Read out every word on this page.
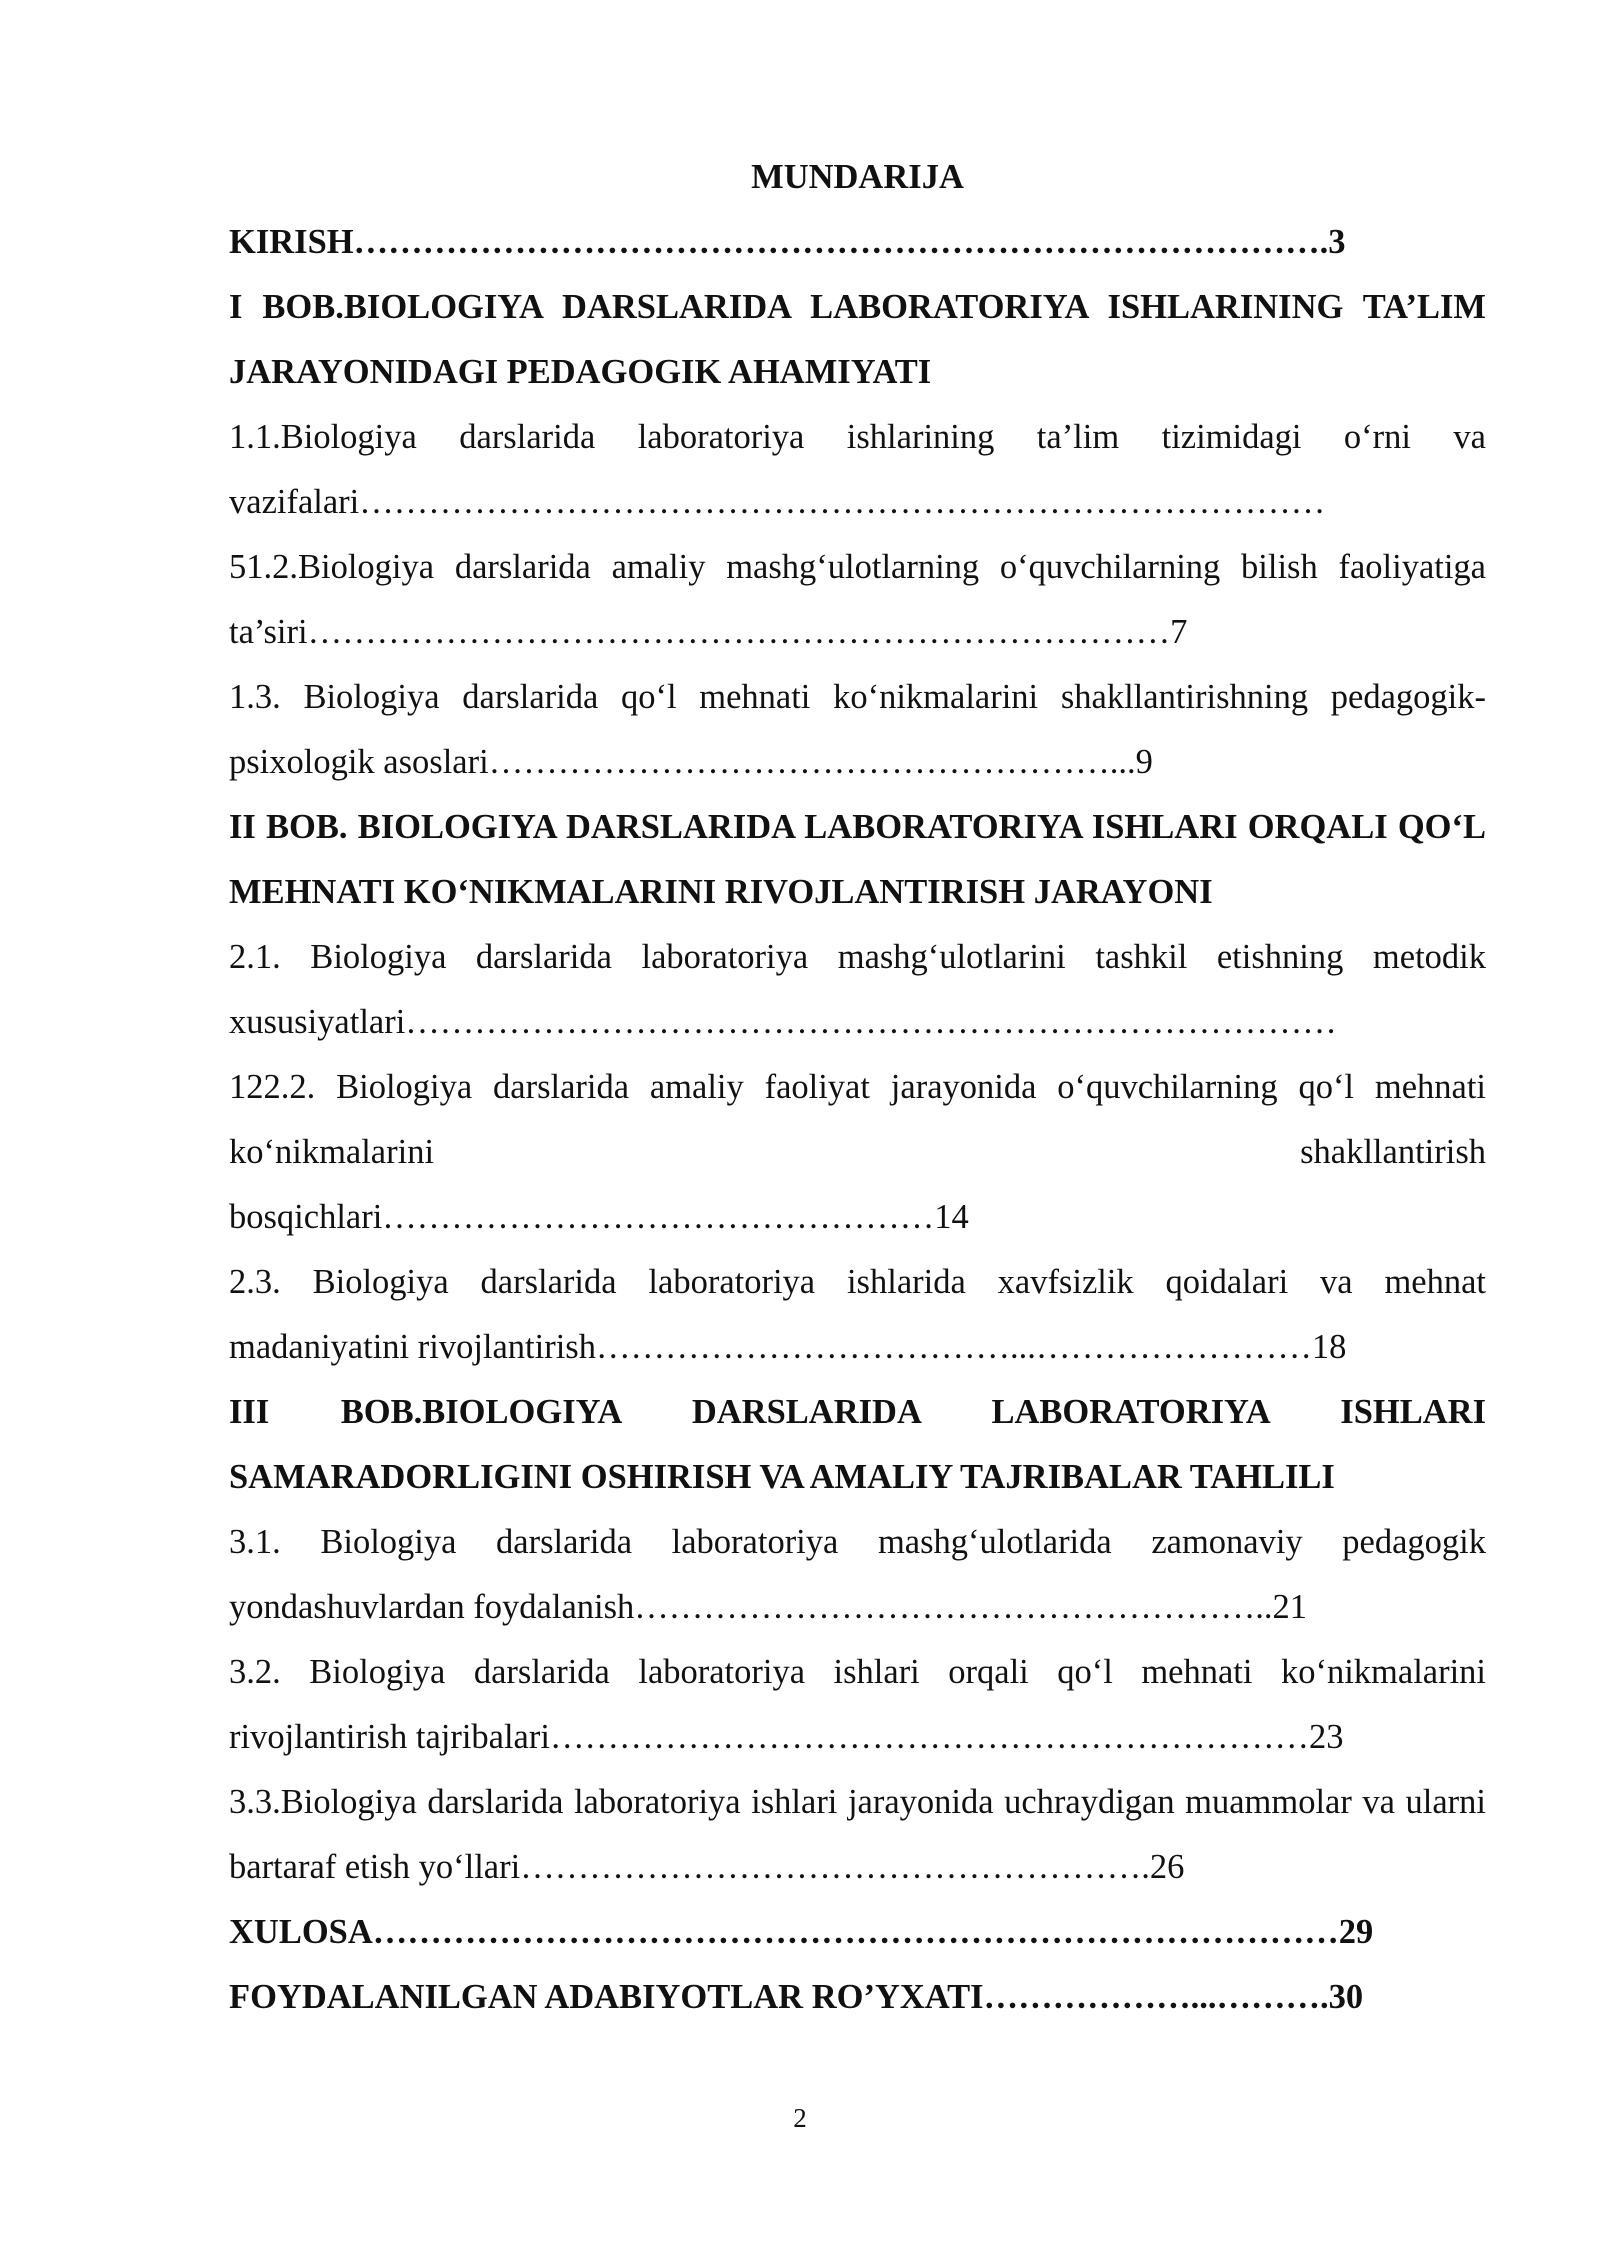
MUNDARIJA

KIRISH………………………………………………………………………….3

I BOB.BIOLOGIYA DARSLARIDA LABORATORIYA ISHLARINING TA’LIM JARAYONIDAGI PEDAGOGIK AHAMIYATI

1.1.Biologiya darslarida laboratoriya ishlarining ta’lim tizimidagi o‘rni va vazifalari…………………………………………………………………………

51.2.Biologiya darslarida amaliy mashg‘ulotlarning o‘quvchilarning bilish faoliyatiga ta’siri…………………………………………………………………7

1.3. Biologiya darslarida qo‘l mehnati ko‘nikmalarini shakllantirishning pedagogik-psixologik asoslari………………………………………………...9

II BOB. BIOLOGIYA DARSLARIDA LABORATORIYA ISHLARI ORQALI QO‘L MEHNATI KO‘NIKMALARINI RIVOJLANTIRISH JARAYONI

2.1. Biologiya darslarida laboratoriya mashg‘ulotlarini tashkil etishning metodik xususiyatlari………………………………………………………………………

122.2. Biologiya darslarida amaliy faoliyat jarayonida o‘quvchilarning qo‘l mehnati ko‘nikmalarini shakllantirish

bosqichlari…………………………………………14

2.3. Biologiya darslarida laboratoriya ishlarida xavfsizlik qoidalari va mehnat madaniyatini rivojlantirish………………………………...……………………18

III BOB.BIOLOGIYA DARSLARIDA LABORATORIYA ISHLARI SAMARADORLIGINI OSHIRISH VA AMALIY TAJRIBALAR TAHLILI

3.1. Biologiya darslarida laboratoriya mashg‘ulotlarida zamonaviy pedagogik yondashuvlardan foydalanish………………………………………………..21

3.2. Biologiya darslarida laboratoriya ishlari orqali qo‘l mehnati ko‘nikmalarini rivojlantirish tajribalari…………………………………………………………23

3.3.Biologiya darslarida laboratoriya ishlari jarayonida uchraydigan muammolar va ularni bartaraf etish yo‘llari……………………………………………….26

XULOSA…………………………………………………………………………29

FOYDALANILGAN ADABIYOTLAR RO’YXATI………………...……….30

2
